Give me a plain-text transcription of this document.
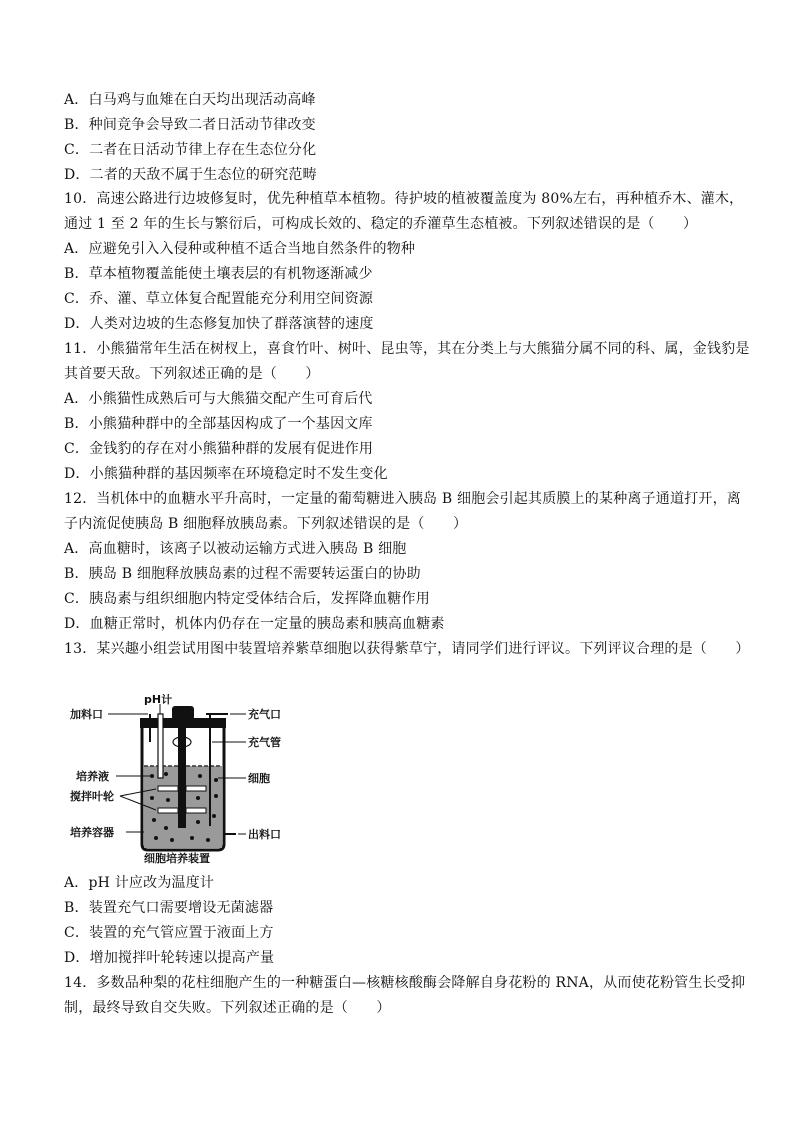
A．白马鸡与血雉在白天均出现活动高峰
B．种间竞争会导致二者日活动节律改变
C．二者在日活动节律上存在生态位分化
D．二者的天敌不属于生态位的研究范畴
10．高速公路进行边坡修复时，优先种植草本植物。待护坡的植被覆盖度为 80%左右，再种植乔木、灌木，
通过 1 至 2 年的生长与繁衍后，可构成长效的、稳定的乔灌草生态植被。下列叙述错误的是（　　）
A．应避免引入入侵种或种植不适合当地自然条件的物种
B．草本植物覆盖能使土壤表层的有机物逐渐减少
C．乔、灌、草立体复合配置能充分利用空间资源
D．人类对边坡的生态修复加快了群落演替的速度
11．小熊猫常年生活在树杈上，喜食竹叶、树叶、昆虫等，其在分类上与大熊猫分属不同的科、属，金钱豹是
其首要天敌。下列叙述正确的是（　　）
A．小熊猫性成熟后可与大熊猫交配产生可育后代
B．小熊猫种群中的全部基因构成了一个基因文库
C．金钱豹的存在对小熊猫种群的发展有促进作用
D．小熊猫种群的基因频率在环境稳定时不发生变化
12．当机体中的血糖水平升高时，一定量的葡萄糖进入胰岛 B 细胞会引起其质膜上的某种离子通道打开，离
子内流促使胰岛 B 细胞释放胰岛素。下列叙述错误的是（　　）
A．高血糖时，该离子以被动运输方式进入胰岛 B 细胞
B．胰岛 B 细胞释放胰岛素的过程不需要转运蛋白的协助
C．胰岛素与组织细胞内特定受体结合后，发挥降血糖作用
D．血糖正常时，机体内仍存在一定量的胰岛素和胰高血糖素
13．某兴趣小组尝试用图中装置培养紫草细胞以获得紫草宁，请同学们进行评议。下列评议合理的是（　　）
加料口
pH计
充气口
充气管
培养液	细胞
搅拌叶轮
培养容器	出料口
细胞培养装置
A．pH 计应改为温度计
B．装置充气口需要增设无菌滤器
C．装置的充气管应置于液面上方
D．增加搅拌叶轮转速以提高产量
14．多数品种梨的花柱细胞产生的一种糖蛋白—核糖核酸酶会降解自身花粉的 RNA，从而使花粉管生长受抑
制，最终导致自交失败。下列叙述正确的是（　　）
